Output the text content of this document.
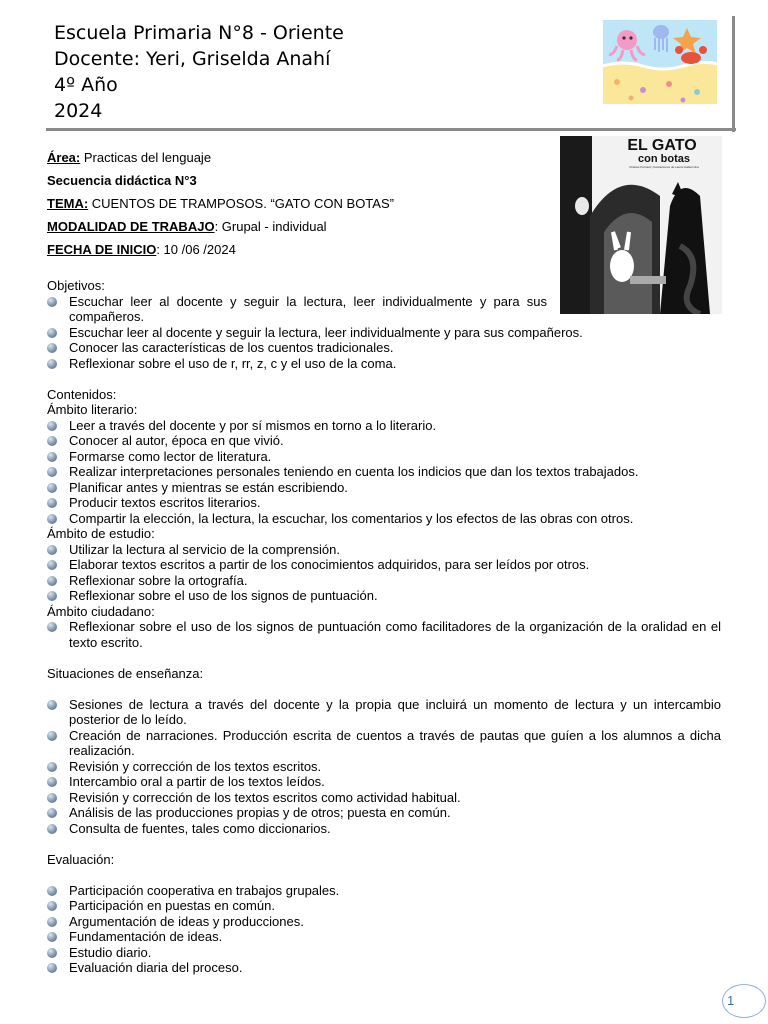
Escuela Primaria N°8 - Oriente
Docente: Yeri, Griselda Anahí
4º Año
2024
EL GATO
con botas
Charles Perrault | Ilustraciones de Laura Guillermina
Área: Practicas del lenguaje
Secuencia didáctica N°3
TEMA: CUENTOS DE TRAMPOSOS. “GATO CON BOTAS”
MODALIDAD DE TRABAJO: Grupal - individual
FECHA DE INICIO: 10 /06 /2024
Objetivos:
Escuchar leer al docente y seguir la lectura, leer individualmente y para sus compañeros.
Escuchar leer al docente y seguir la lectura, leer individualmente y para sus compañeros.
Conocer las características de los cuentos tradicionales.
Reflexionar sobre el uso de r, rr, z, c y el uso de la coma.
Contenidos:
Ámbito literario:
Leer a través del docente y por sí mismos en torno a lo literario.
Conocer al autor, época en que vivió.
Formarse como lector de literatura.
Realizar interpretaciones personales teniendo en cuenta los indicios que dan los textos trabajados.
Planificar antes y mientras se están escribiendo.
Producir textos escritos literarios.
Compartir la elección, la lectura, la escuchar, los comentarios y los efectos de las obras con otros.
Ámbito de estudio:
Utilizar la lectura al servicio de la comprensión.
Elaborar textos escritos a partir de los conocimientos adquiridos, para ser leídos por otros.
Reflexionar sobre la ortografía.
Reflexionar sobre el uso de los signos de puntuación.
Ámbito ciudadano:
Reflexionar sobre el uso de los signos de puntuación como facilitadores de la organización de la oralidad en el texto escrito.
Situaciones de enseñanza:
Sesiones de lectura a través del docente y la propia que incluirá un momento de lectura y un intercambio posterior de lo leído.
Creación de narraciones. Producción escrita de cuentos a través de pautas que guíen a los alumnos a dicha realización.
Revisión y corrección de los textos escritos.
Intercambio oral a partir de los textos leídos.
Revisión y corrección de los textos escritos como actividad habitual.
Análisis de las producciones propias y de otros; puesta en común.
Consulta de fuentes, tales como diccionarios.
Evaluación:
Participación cooperativa en trabajos grupales.
Participación en puestas en común.
Argumentación de ideas y producciones.
Fundamentación de ideas.
Estudio diario.
Evaluación diaria del proceso.
1
